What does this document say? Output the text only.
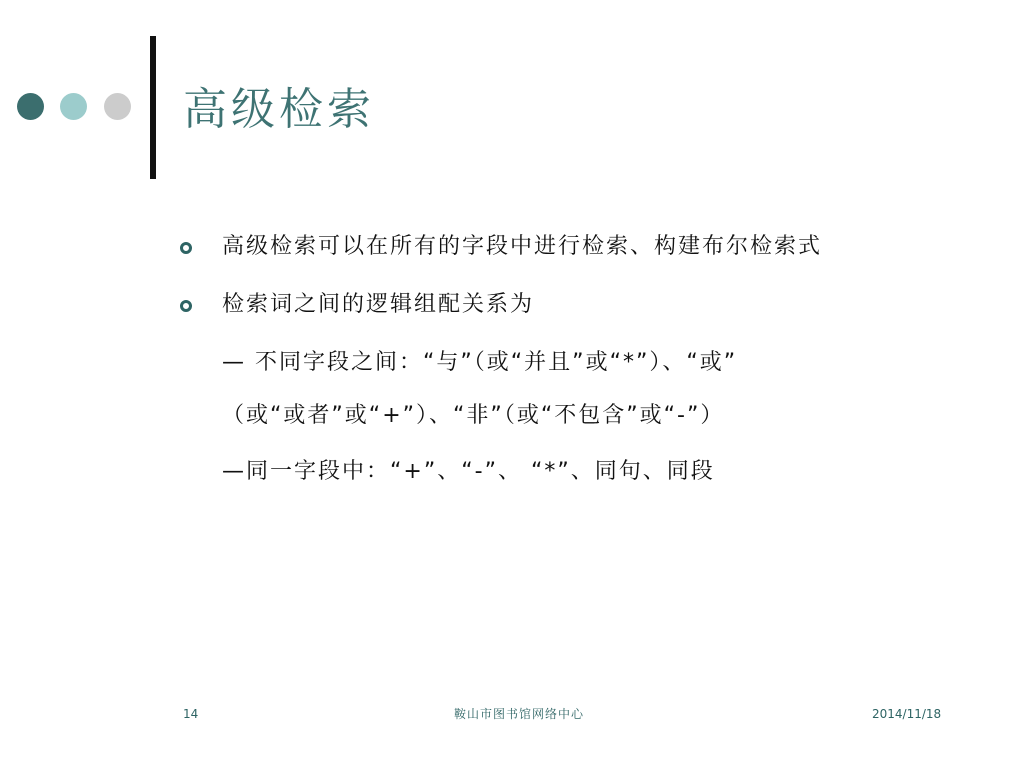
高级检索
高级检索可以在所有的字段中进行检索、构建布尔检索式
检索词之间的逻辑组配关系为
— 不同字段之间：“与”（或“并且”或“*”）、“或”
（或“或者”或“+”）、“非”（或“不包含”或“-”）
—同一字段中：“+”、“-”、 “*”、同句、同段
14	鞍山市图书馆网络中心	2014/11/18
